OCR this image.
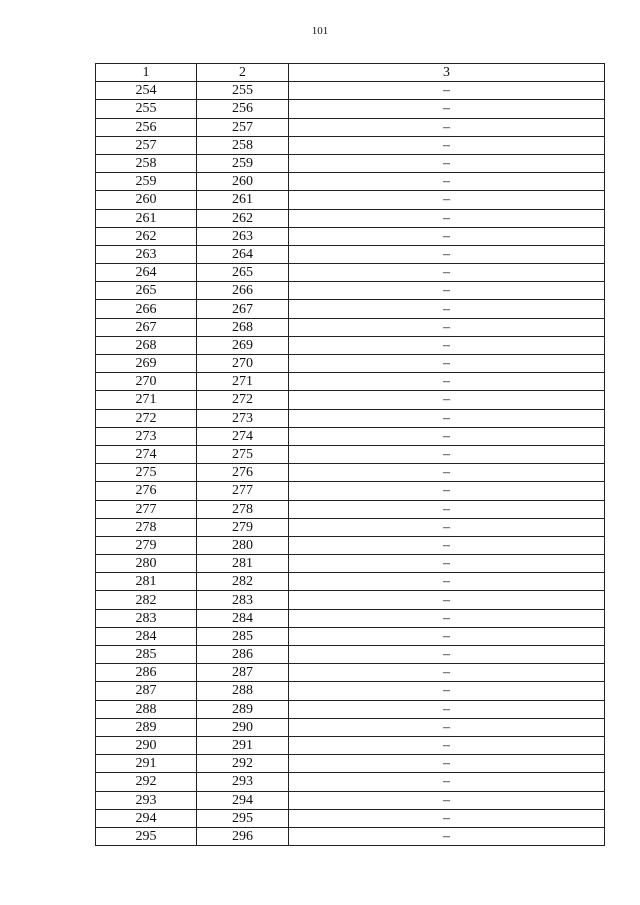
101
1	2	3
254	255	–
255	256	–
256	257	–
257	258	–
258	259	–
259	260	–
260	261	–
261	262	–
262	263	–
263	264	–
264	265	–
265	266	–
266	267	–
267	268	–
268	269	–
269	270	–
270	271	–
271	272	–
272	273	–
273	274	–
274	275	–
275	276	–
276	277	–
277	278	–
278	279	–
279	280	–
280	281	–
281	282	–
282	283	–
283	284	–
284	285	–
285	286	–
286	287	–
287	288	–
288	289	–
289	290	–
290	291	–
291	292	–
292	293	–
293	294	–
294	295	–
295	296	–
